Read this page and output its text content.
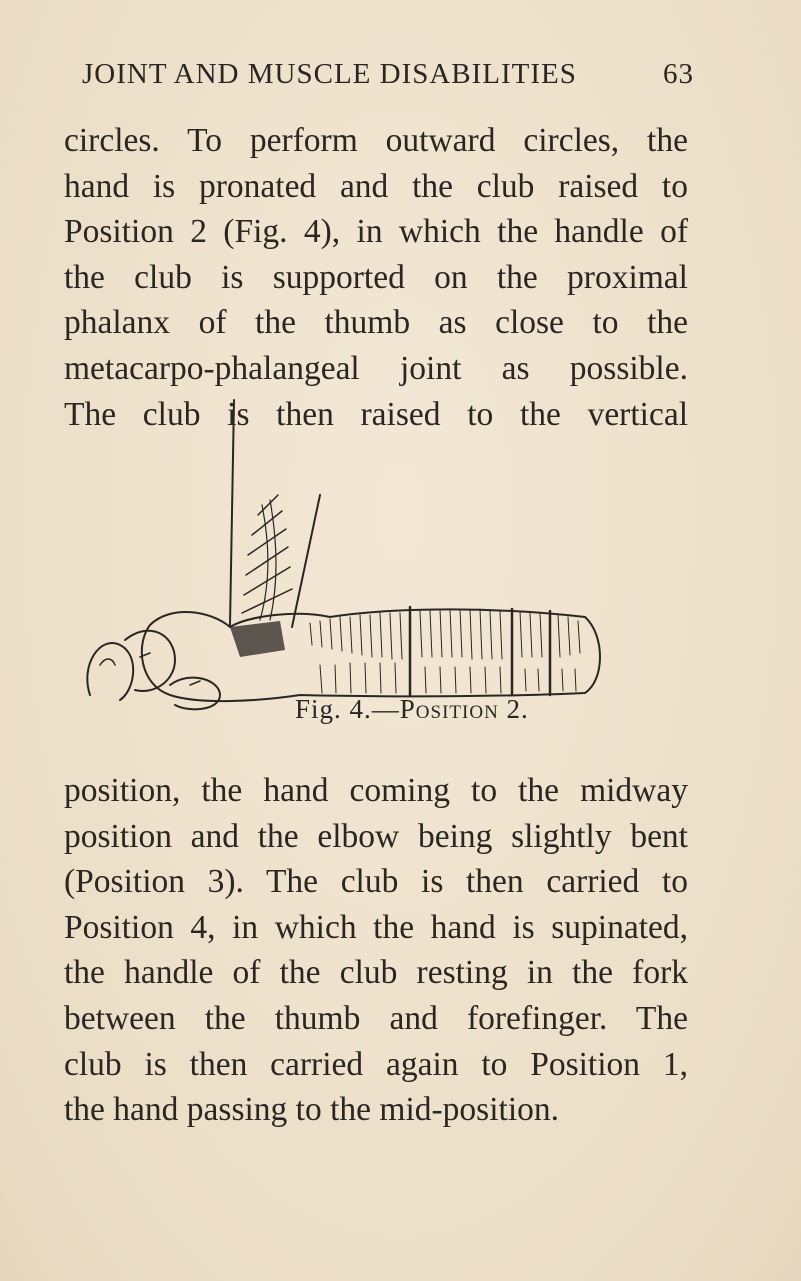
JOINT AND MUSCLE DISABILITIES	63
circles. To perform outward circles, the
hand is pronated and the club raised to
Position 2 (Fig. 4), in which the handle of
the club is supported on the proximal
phalanx of the thumb as close to the
metacarpo-phalangeal joint as possible.
The club is then raised to the vertical
Fig. 4.—Position 2.
position, the hand coming to the midway
position and the elbow being slightly bent
(Position 3). The club is then carried to
Position 4, in which the hand is supinated,
the handle of the club resting in the fork
between the thumb and forefinger. The
club is then carried again to Position 1,
the hand passing to the mid-position.
